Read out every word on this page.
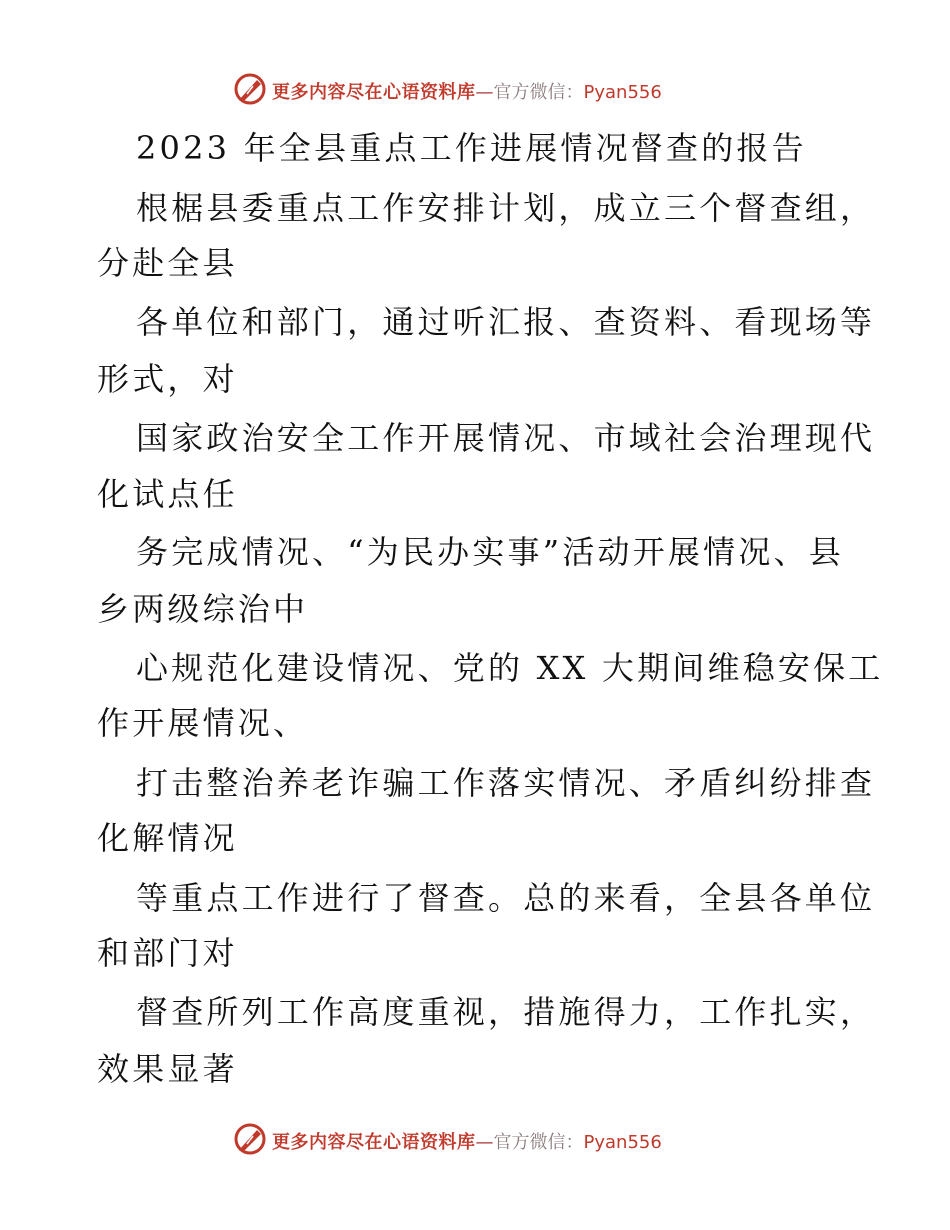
更多内容尽在心语资料库—官方微信：Pyan556
2023 年全县重点工作进展情况督查的报告
根椐县委重点工作安排计划，成立三个督查组，
分赴全县
各单位和部门，通过听汇报、查资料、看现场等
形式，对
国家政治安全工作开展情况、市域社会治理现代
化试点任
务完成情况、“为民办实事”活动开展情况、县
乡两级综治中
心规范化建设情况、党的 XX 大期间维稳安保工
作开展情况、
打击整治养老诈骗工作落实情况、矛盾纠纷排查
化解情况
等重点工作进行了督查。总的来看，全县各单位
和部门对
督查所列工作高度重视，措施得力，工作扎实，
效果显著
更多内容尽在心语资料库—官方微信：Pyan556
